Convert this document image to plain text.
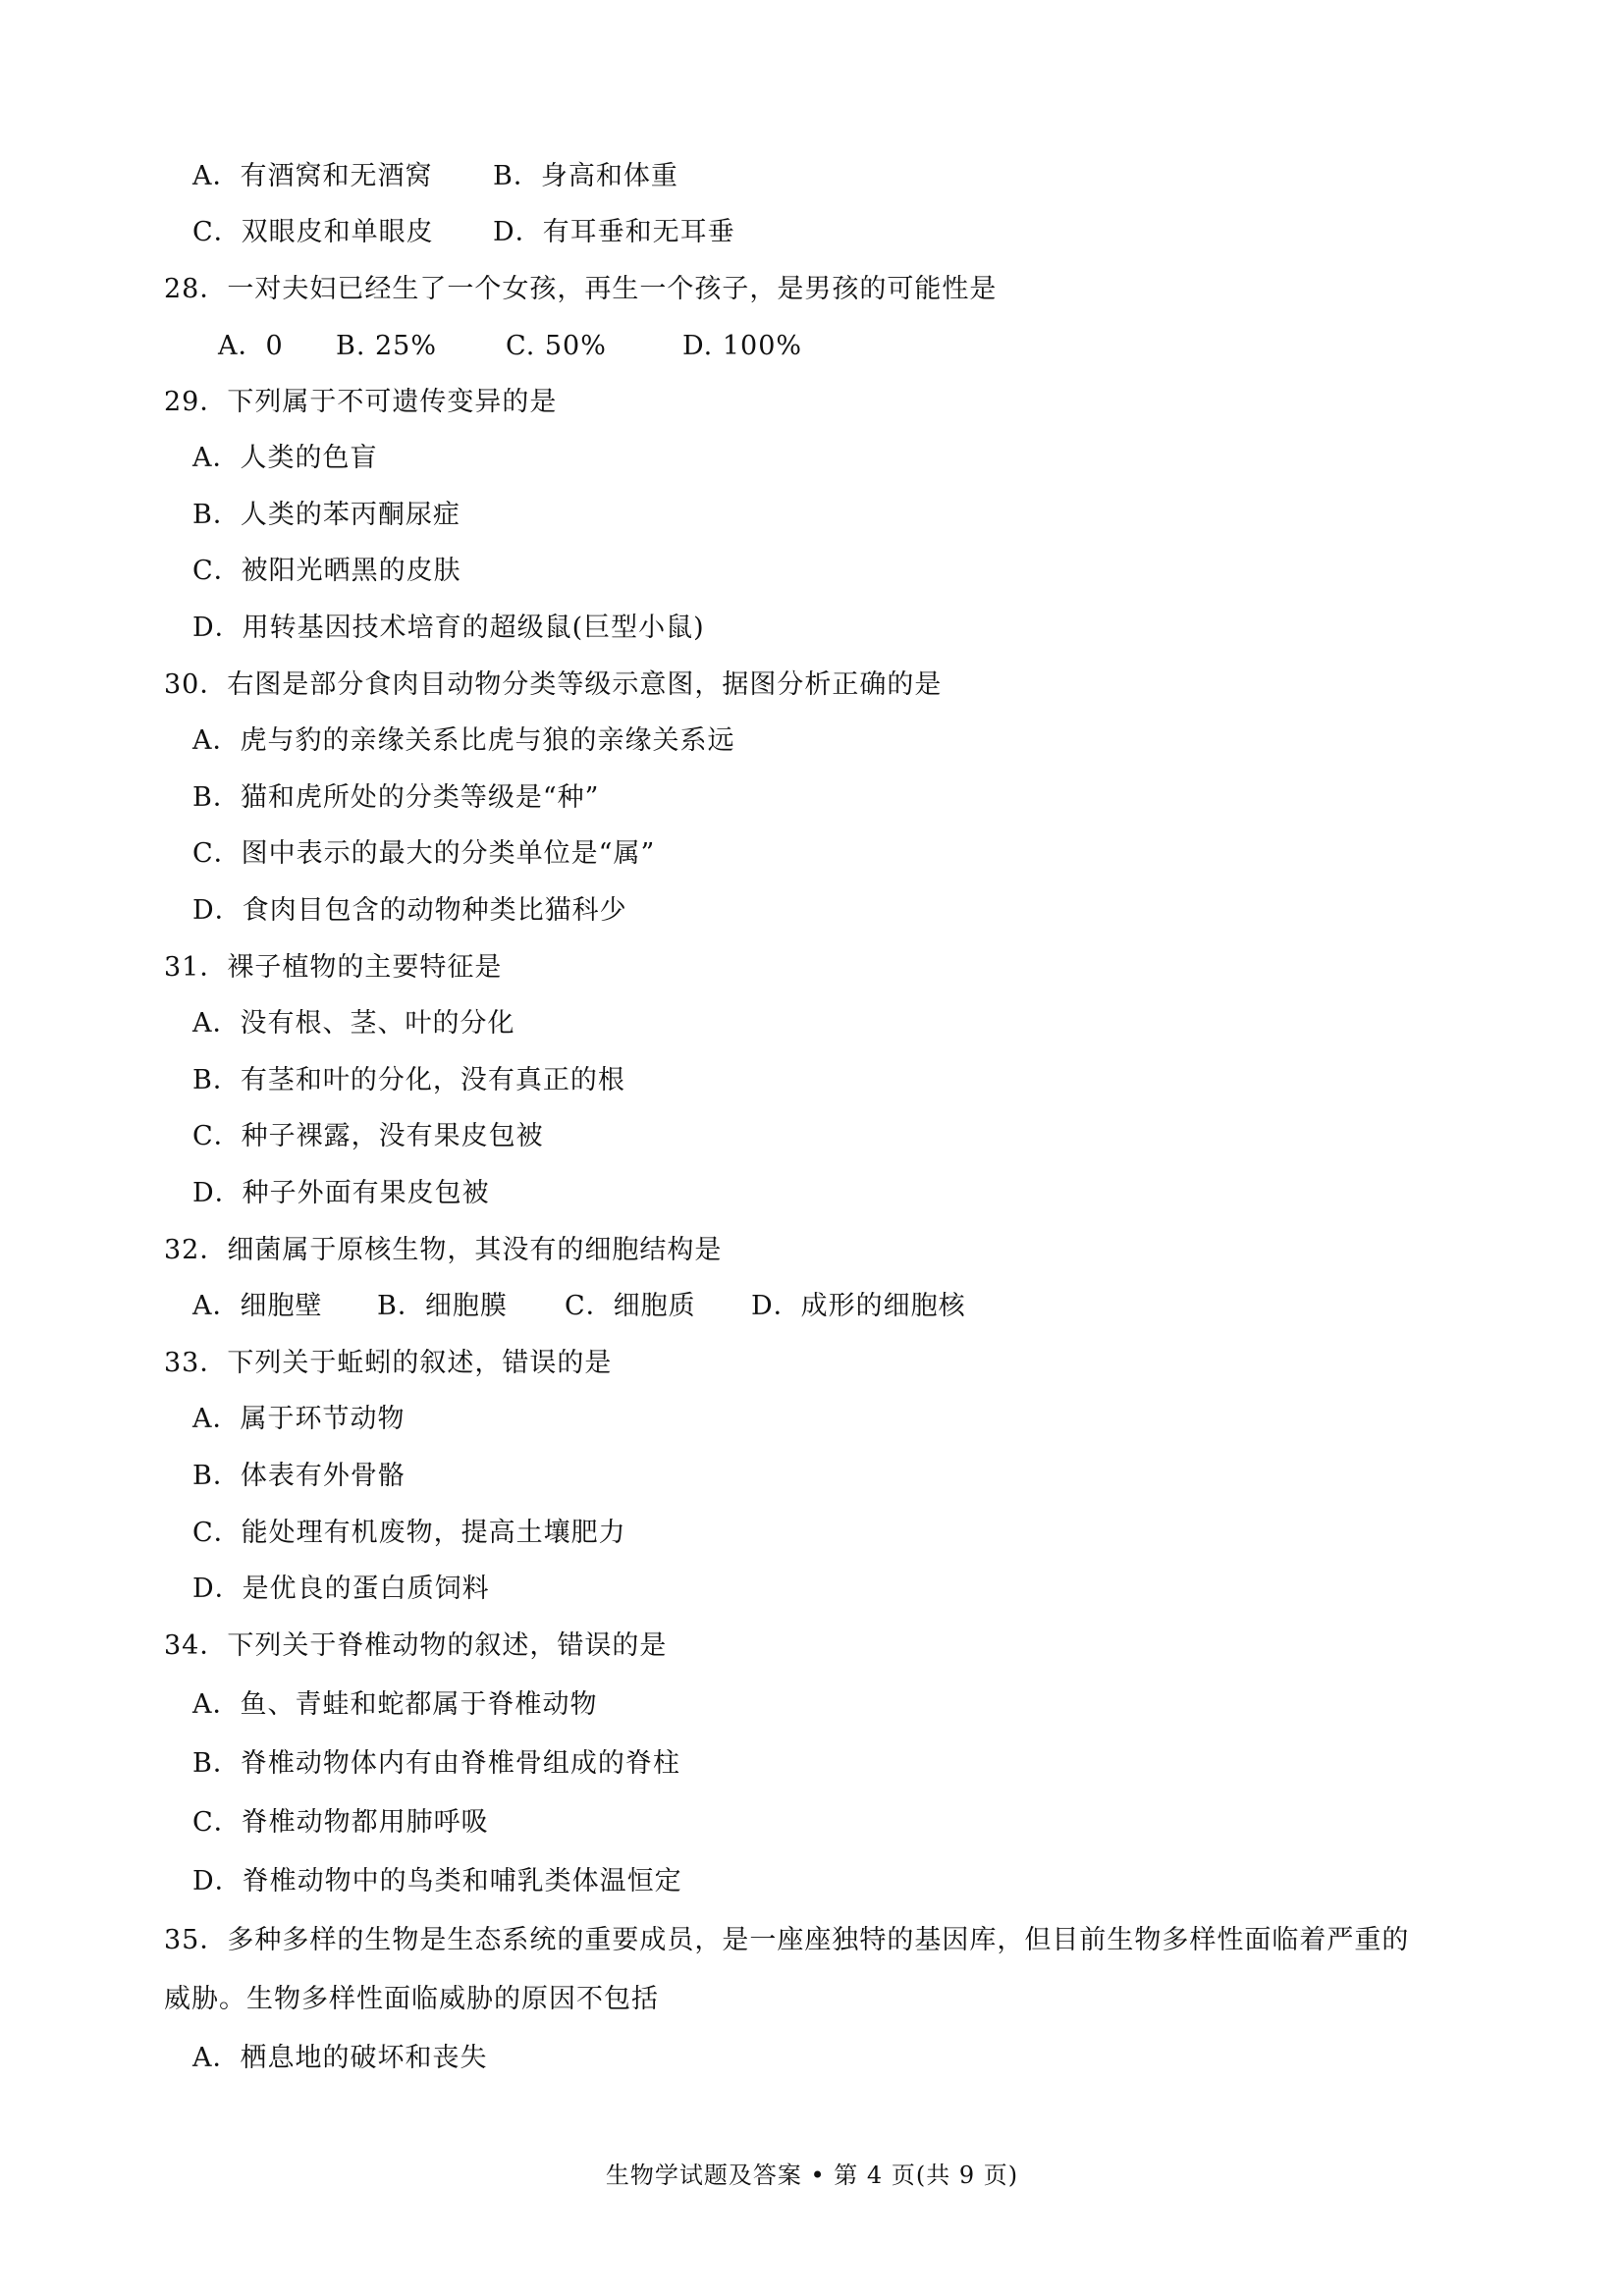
A．有酒窝和无酒窝 B．身高和体重
C．双眼皮和单眼皮 D．有耳垂和无耳垂
28．一对夫妇已经生了一个女孩，再生一个孩子，是男孩的可能性是
A．0 B. 25%	C. 50%	D. 100%
29．下列属于不可遗传变异的是
A．人类的色盲
B．人类的苯丙酮尿症
C．被阳光晒黑的皮肤
D．用转基因技术培育的超级鼠(巨型小鼠)
30．右图是部分食肉目动物分类等级示意图，据图分析正确的是
A．虎与豹的亲缘关系比虎与狼的亲缘关系远
B．猫和虎所处的分类等级是“种”
C．图中表示的最大的分类单位是“属”
D．食肉目包含的动物种类比猫科少
31．裸子植物的主要特征是
A．没有根、茎、叶的分化
B．有茎和叶的分化，没有真正的根
C．种子裸露，没有果皮包被
D．种子外面有果皮包被
32．细菌属于原核生物，其没有的细胞结构是
A．细胞壁 B．细胞膜 C．细胞质 D．成形的细胞核
33．下列关于蚯蚓的叙述，错误的是
A．属于环节动物
B．体表有外骨骼
C．能处理有机废物，提高土壤肥力
D．是优良的蛋白质饲料
34．下列关于脊椎动物的叙述，错误的是
A．鱼、青蛙和蛇都属于脊椎动物
B．脊椎动物体内有由脊椎骨组成的脊柱
C．脊椎动物都用肺呼吸
D．脊椎动物中的鸟类和哺乳类体温恒定
35．多种多样的生物是生态系统的重要成员，是一座座独特的基因库，但目前生物多样性面临着严重的
威胁。生物多样性面临威胁的原因不包括
A．栖息地的破坏和丧失
生物学试题及答案 • 第 4 页(共 9 页)
